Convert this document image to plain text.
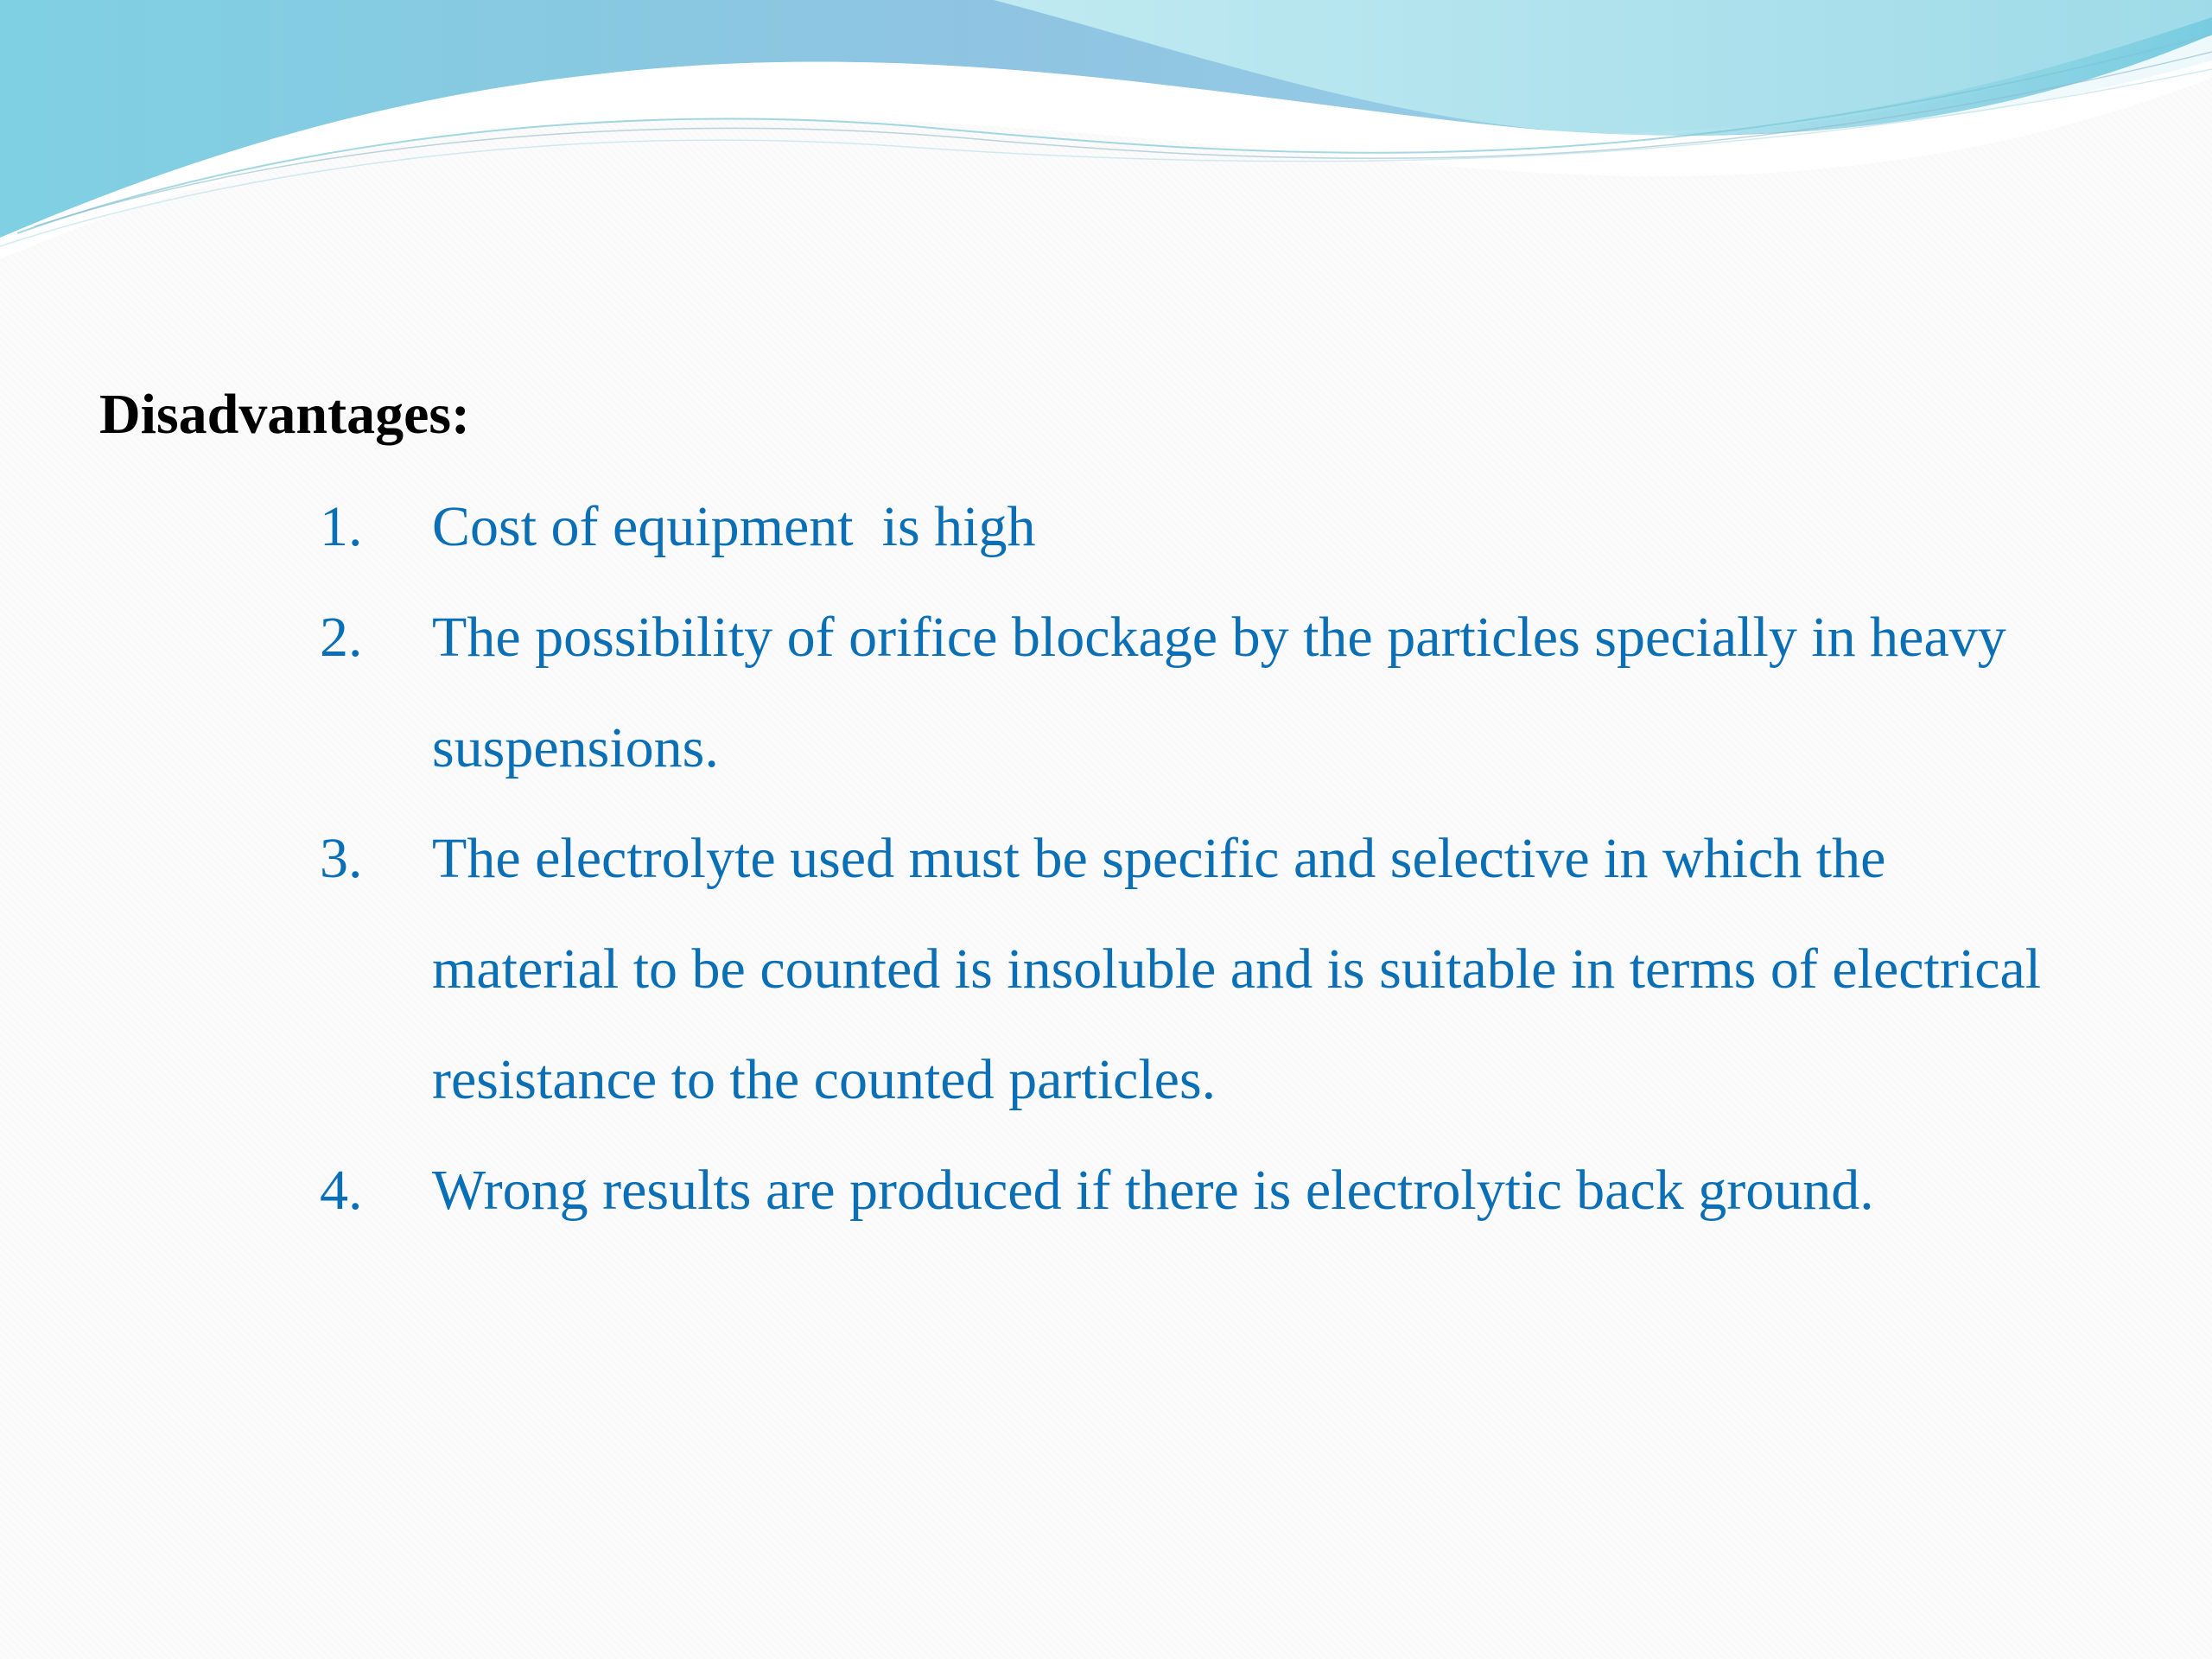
Disadvantages:
1. Cost of equipment  is high
2. The possibility of orifice blockage by the particles specially in heavy suspensions.
3. The electrolyte used must be specific and selective in which the material to be counted is insoluble and is suitable in terms of electrical resistance to the counted particles.
4. Wrong results are produced if there is electrolytic back ground.
